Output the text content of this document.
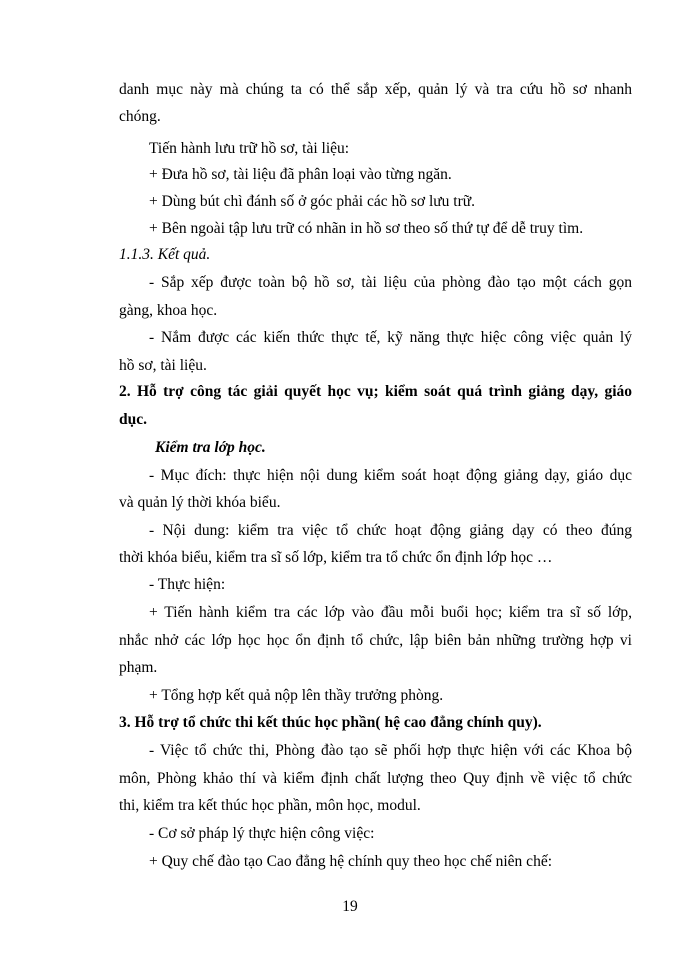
danh mục này mà chúng ta có thể sắp xếp, quản lý và tra cứu hồ sơ nhanh
chóng.
Tiến hành lưu trữ hồ sơ, tài liệu:
+ Đưa hồ sơ, tài liệu đã phân loại vào từng ngăn.
+ Dùng bút chì đánh số ở góc phải các hồ sơ lưu trữ.
+ Bên ngoài tập lưu trữ có nhãn in hồ sơ theo số thứ tự để dễ truy tìm.
1.1.3. Kết quả.
- Sắp xếp được toàn bộ hồ sơ, tài liệu của phòng đào tạo một cách gọn
gàng, khoa học.
- Nắm được các kiến thức thực tế, kỹ năng thực hiệc công việc quản lý
hồ sơ, tài liệu.
2. Hỗ trợ công tác giải quyết học vụ; kiểm soát quá trình giảng dạy, giáo
dục.
Kiểm tra lớp học.
- Mục đích: thực hiện nội dung kiểm soát hoạt động giảng dạy, giáo dục
và quản lý thời khóa biểu.
- Nội dung: kiểm tra việc tổ chức hoạt động giảng dạy có theo đúng
thời khóa biểu, kiểm tra sĩ số lớp, kiểm tra tổ chức ổn định lớp học …
- Thực hiện:
+ Tiến hành kiểm tra các lớp vào đầu mỗi buổi học; kiểm tra sĩ số lớp,
nhắc nhở các lớp học học ổn định tổ chức, lập biên bản những trường hợp vi
phạm.
+ Tổng hợp kết quả nộp lên thầy trưởng phòng.
3. Hỗ trợ tổ chức thi kết thúc học phần( hệ cao đẳng chính quy).
- Việc tổ chức thi, Phòng đào tạo sẽ phối hợp thực hiện với các Khoa bộ
môn, Phòng khảo thí và kiểm định chất lượng theo Quy định về việc tổ chức
thi, kiểm tra kết thúc học phần, môn học, modul.
- Cơ sở pháp lý thực hiện công việc:
+ Quy chế đào tạo Cao đẳng hệ chính quy theo học chế niên chế:
19
